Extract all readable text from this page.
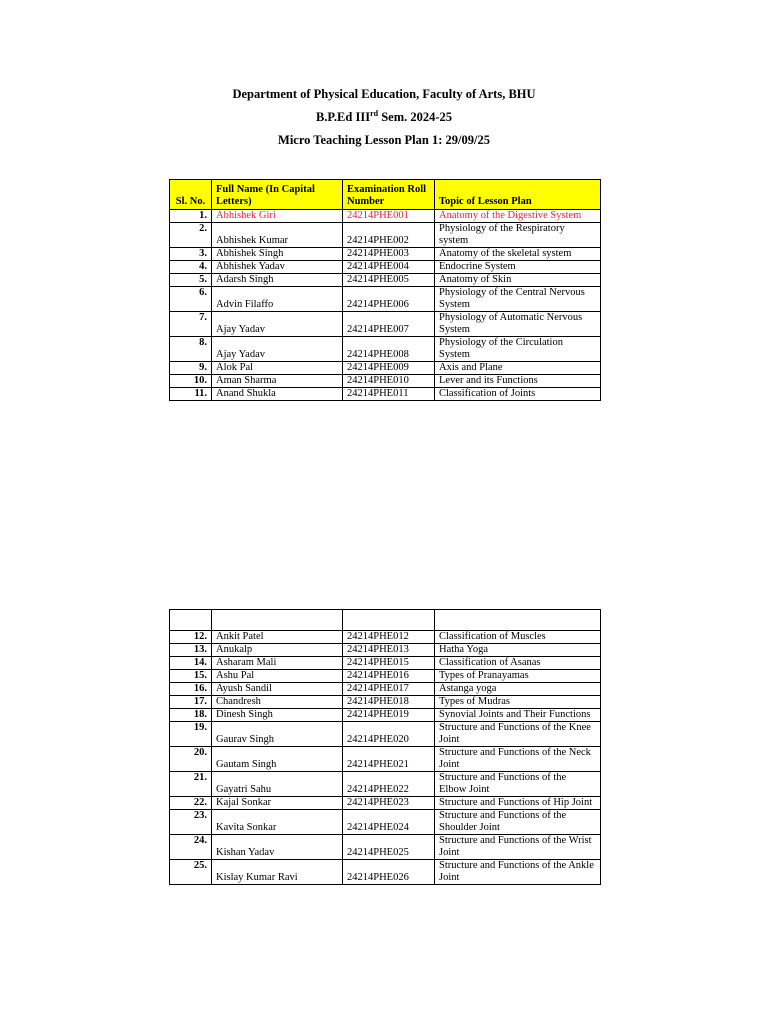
Department of Physical Education, Faculty of Arts, BHU
B.P.Ed IIIrd Sem. 2024-25
Micro Teaching Lesson Plan 1: 29/09/25
Sl. No.	Full Name (In Capital Letters)	Examination Roll Number	Topic of Lesson Plan
1.	Abhishek Giri	24214PHE001	Anatomy of the Digestive System
2.	Abhishek Kumar	24214PHE002	Physiology of the Respiratory system
3.	Abhishek Singh	24214PHE003	Anatomy of the skeletal system
4.	Abhishek Yadav	24214PHE004	Endocrine System
5.	Adarsh Singh	24214PHE005	Anatomy of Skin
6.	Advin Filaffo	24214PHE006	Physiology of the Central Nervous System
7.	Ajay Yadav	24214PHE007	Physiology of Automatic Nervous System
8.	Ajay Yadav	24214PHE008	Physiology of the Circulation System
9.	Alok Pal	24214PHE009	Axis and Plane
10.	Aman Sharma	24214PHE010	Lever and its Functions
11.	Anand Shukla	24214PHE011	Classification of Joints

12.	Ankit Patel	24214PHE012	Classification of Muscles
13.	Anukalp	24214PHE013	Hatha Yoga
14.	Asharam Mali	24214PHE015	Classification of Asanas
15.	Ashu Pal	24214PHE016	Types of Pranayamas
16.	Ayush Sandil	24214PHE017	Astanga yoga
17.	Chandresh	24214PHE018	Types of Mudras
18.	Dinesh Singh	24214PHE019	Synovial Joints and Their Functions
19.	Gaurav Singh	24214PHE020	Structure and Functions of the Knee Joint
20.	Gautam Singh	24214PHE021	Structure and Functions of the Neck Joint
21.	Gayatri Sahu	24214PHE022	Structure and Functions of the Elbow Joint
22.	Kajal Sonkar	24214PHE023	Structure and Functions of Hip Joint
23.	Kavita Sonkar	24214PHE024	Structure and Functions of the Shoulder Joint
24.	Kishan Yadav	24214PHE025	Structure and Functions of the Wrist Joint
25.	Kislay Kumar Ravi	24214PHE026	Structure and Functions of the Ankle Joint
